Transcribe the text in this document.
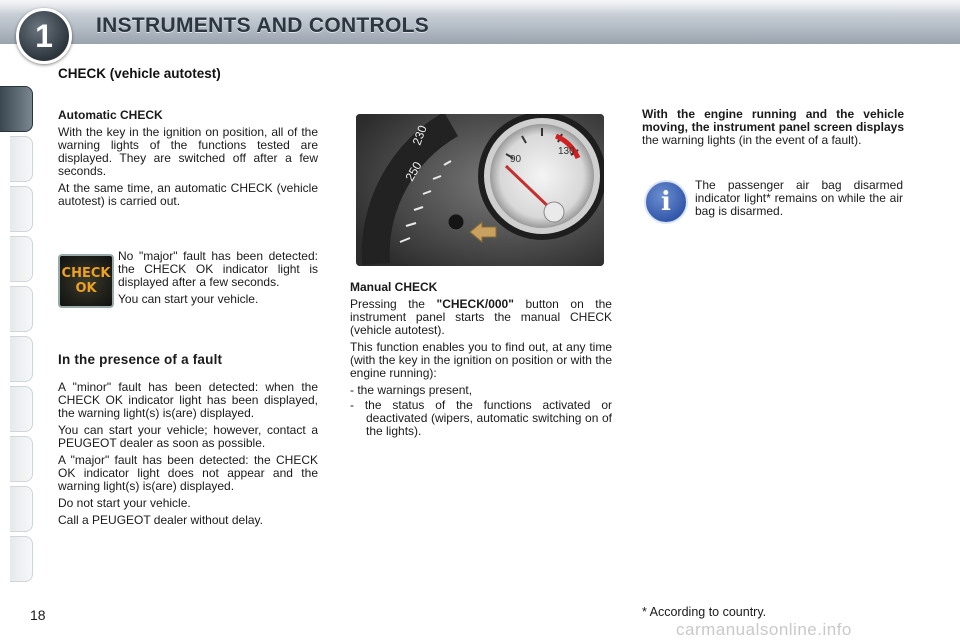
1	INSTRUMENTS AND CONTROLS
CHECK (vehicle autotest)

Automatic CHECK

With the key in the ignition on position, all of the warning lights of the functions tested are displayed. They are switched off after a few seconds.

At the same time, an automatic CHECK (vehicle autotest) is carried out.

CHECK
OK

No "major" fault has been detected: the CHECK OK indicator light is displayed after a few seconds.

You can start your vehicle.

In the presence of a fault

A "minor" fault has been detected: when the CHECK OK indicator light has been displayed, the warning light(s) is(are) displayed.

You can start your vehicle; however, contact a PEUGEOT dealer as soon as possible.

A "major" fault has been detected: the CHECK OK indicator light does not appear and the warning light(s) is(are) displayed.

Do not start your vehicle.

Call a PEUGEOT dealer without delay.

230
250	90
130

Manual CHECK

Pressing the "CHECK/000" button on the instrument panel starts the manual CHECK (vehicle autotest).

This function enables you to find out, at any time (with the key in the ignition on position or with the engine running):

- the warnings present,
- the status of the functions activated or deactivated (wipers, automatic switching on of the lights).

With the engine running and the vehicle moving, the instrument panel screen displays the warning lights (in the event of a fault).

i

The passenger air bag disarmed indicator light* remains on while the air bag is disarmed.

18	* According to country.
carmanualsonline.info
